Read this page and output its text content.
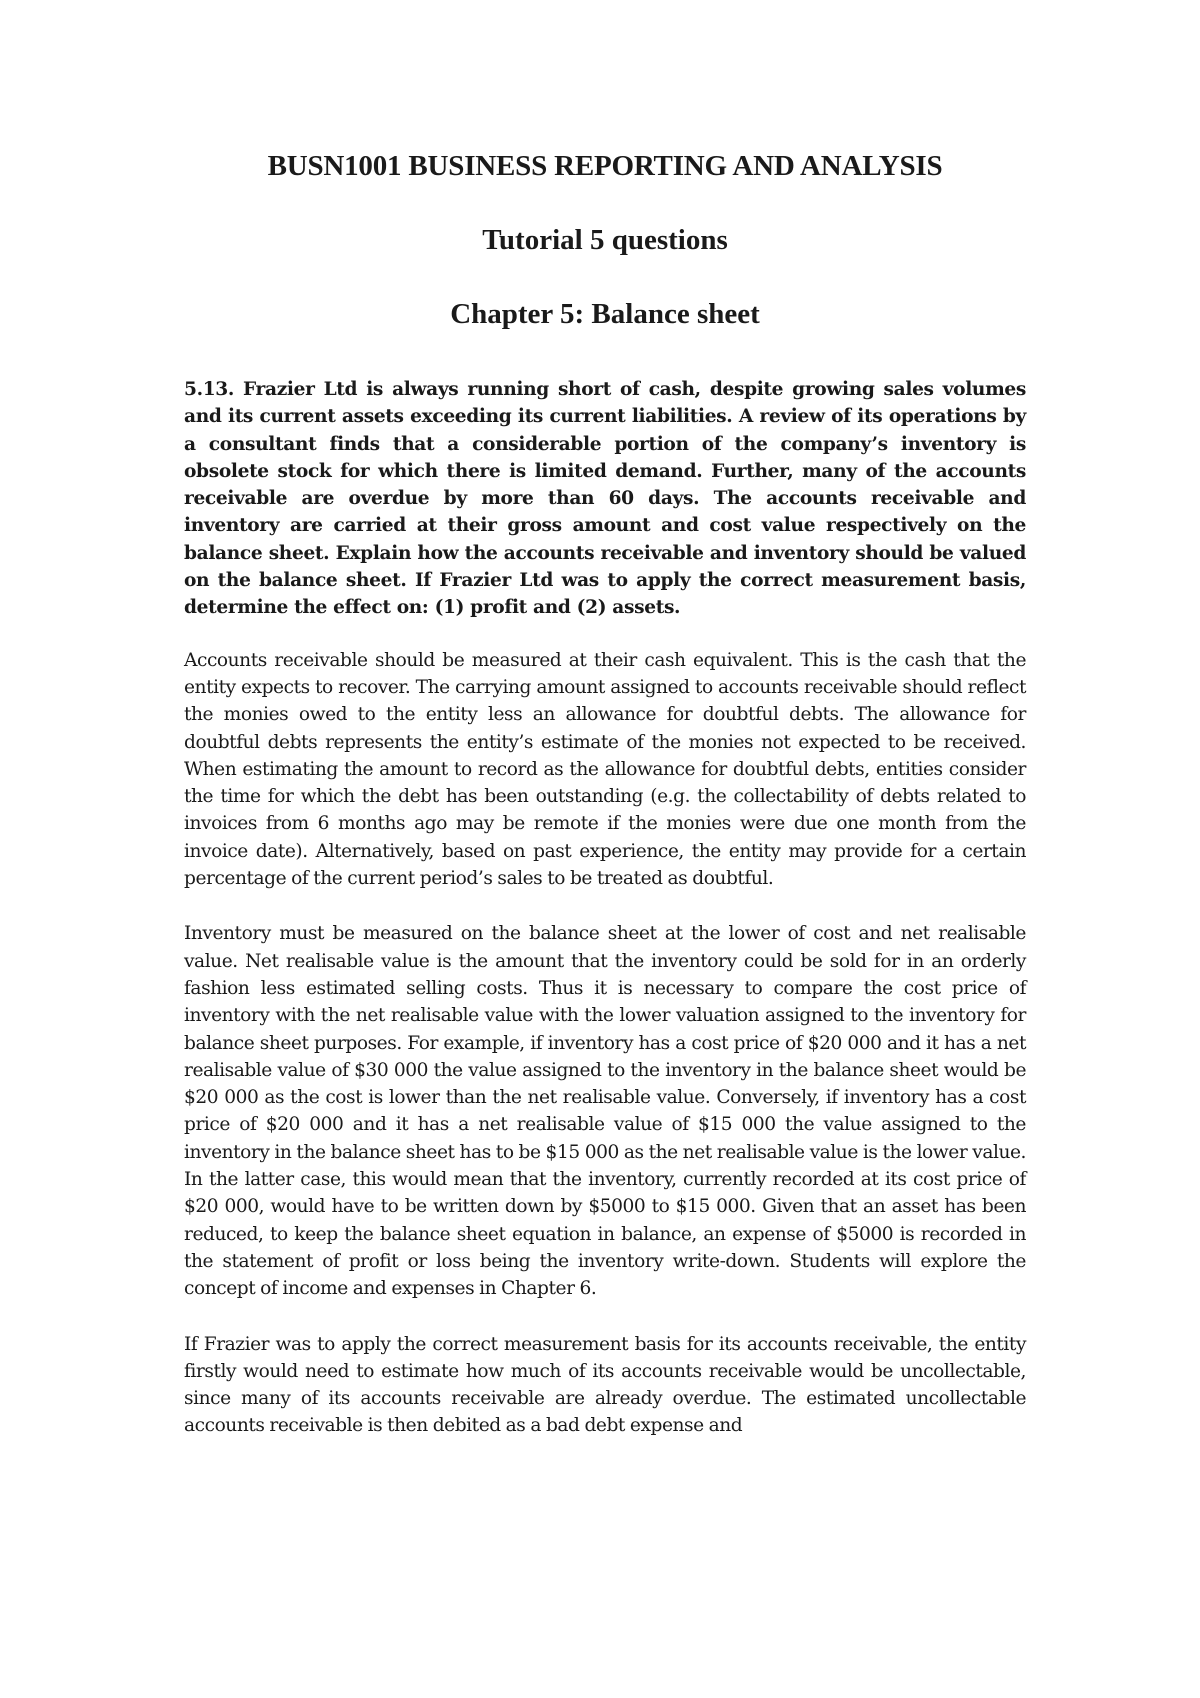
BUSN1001 BUSINESS REPORTING AND ANALYSIS
Tutorial 5 questions
Chapter 5: Balance sheet

5.13. Frazier Ltd is always running short of cash, despite growing sales volumes and its current assets exceeding its current liabilities. A review of its operations by a consultant finds that a considerable portion of the company’s inventory is obsolete stock for which there is limited demand. Further, many of the accounts receivable are overdue by more than 60 days. The accounts receivable and inventory are carried at their gross amount and cost value respectively on the balance sheet. Explain how the accounts receivable and inventory should be valued on the balance sheet. If Frazier Ltd was to apply the correct measurement basis, determine the effect on: (1) profit and (2) assets.

Accounts receivable should be measured at their cash equivalent. This is the cash that the entity expects to recover. The carrying amount assigned to accounts receivable should reflect the monies owed to the entity less an allowance for doubtful debts. The allowance for doubtful debts represents the entity’s estimate of the monies not expected to be received. When estimating the amount to record as the allowance for doubtful debts, entities consider the time for which the debt has been outstanding (e.g. the collectability of debts related to invoices from 6 months ago may be remote if the monies were due one month from the invoice date). Alternatively, based on past experience, the entity may provide for a certain percentage of the current period’s sales to be treated as doubtful.

Inventory must be measured on the balance sheet at the lower of cost and net realisable value. Net realisable value is the amount that the inventory could be sold for in an orderly fashion less estimated selling costs. Thus it is necessary to compare the cost price of inventory with the net realisable value with the lower valuation assigned to the inventory for balance sheet purposes. For example, if inventory has a cost price of $20 000 and it has a net realisable value of $30 000 the value assigned to the inventory in the balance sheet would be $20 000 as the cost is lower than the net realisable value. Conversely, if inventory has a cost price of $20 000 and it has a net realisable value of $15 000 the value assigned to the inventory in the balance sheet has to be $15 000 as the net realisable value is the lower value. In the latter case, this would mean that the inventory, currently recorded at its cost price of $20 000, would have to be written down by $5000 to $15 000. Given that an asset has been reduced, to keep the balance sheet equation in balance, an expense of $5000 is recorded in the statement of profit or loss being the inventory write-down. Students will explore the concept of income and expenses in Chapter 6.

If Frazier was to apply the correct measurement basis for its accounts receivable, the entity firstly would need to estimate how much of its accounts receivable would be uncollectable, since many of its accounts receivable are already overdue. The estimated uncollectable accounts receivable is then debited as a bad debt expense and
